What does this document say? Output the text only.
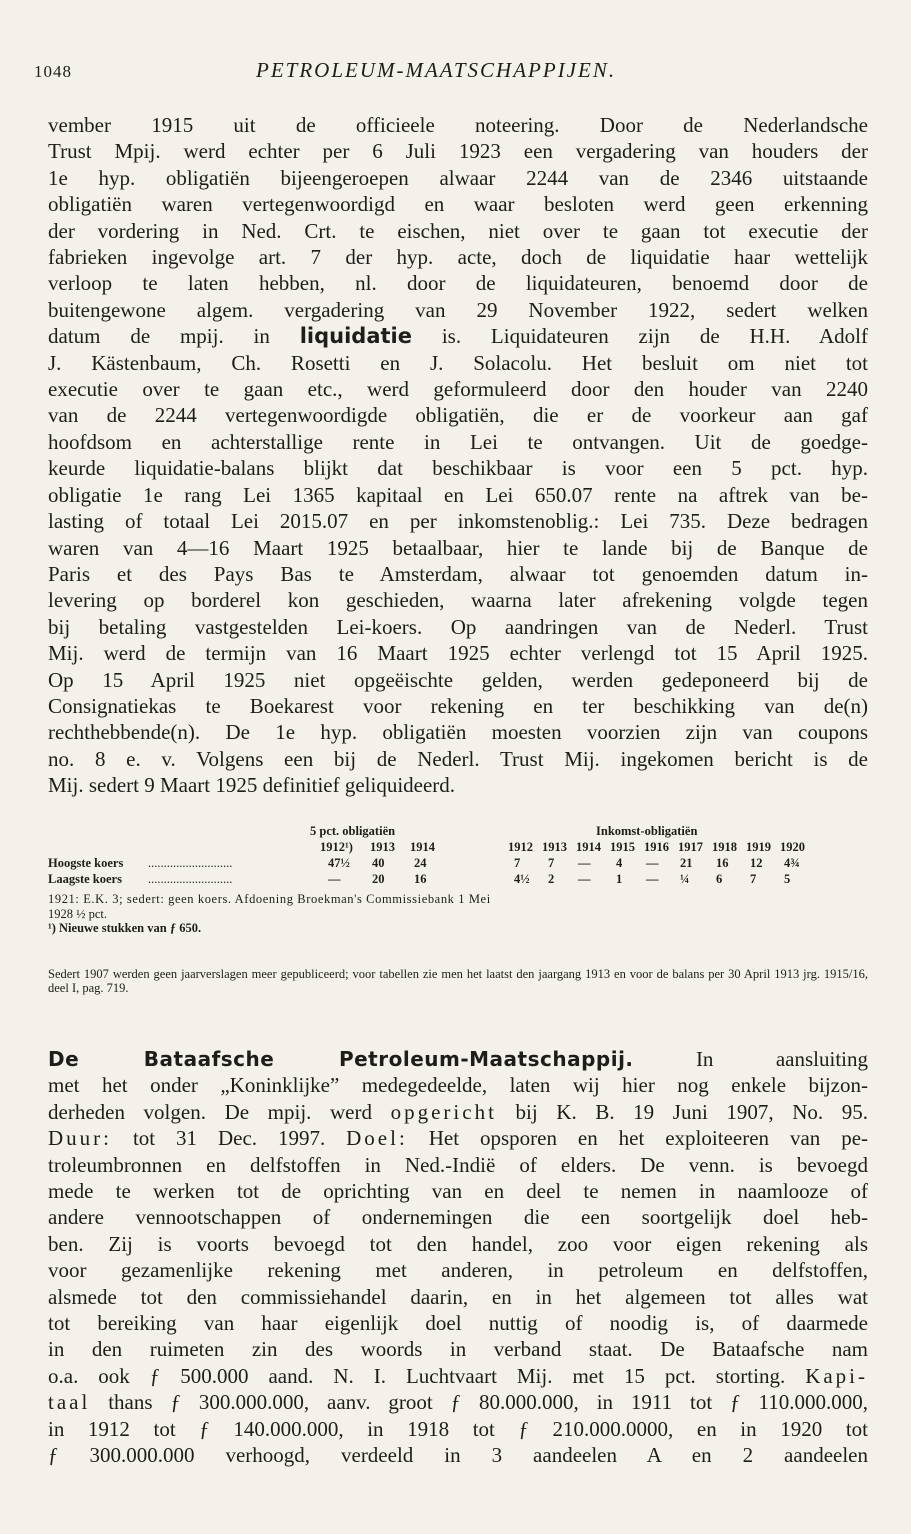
1048	PETROLEUM-MAATSCHAPPIJEN.
vember 1915 uit de officieele noteering. Door de Nederlandsche
Trust Mpij. werd echter per 6 Juli 1923 een vergadering van houders der
1e hyp. obligatiën bijeengeroepen alwaar 2244 van de 2346 uitstaande
obligatiën waren vertegenwoordigd en waar besloten werd geen erkenning
der vordering in Ned. Crt. te eischen, niet over te gaan tot executie der
fabrieken ingevolge art. 7 der hyp. acte, doch de liquidatie haar wettelijk
verloop te laten hebben, nl. door de liquidateuren, benoemd door de
buitengewone algem. vergadering van 29 November 1922, sedert welken
datum de mpij. in liquidatie is. Liquidateuren zijn de H.H. Adolf
J. Kästenbaum, Ch. Rosetti en J. Solacolu. Het besluit om niet tot
executie over te gaan etc., werd geformuleerd door den houder van 2240
van de 2244 vertegenwoordigde obligatiën, die er de voorkeur aan gaf
hoofdsom en achterstallige rente in Lei te ontvangen. Uit de goedge-
keurde liquidatie-balans blijkt dat beschikbaar is voor een 5 pct. hyp.
obligatie 1e rang Lei 1365 kapitaal en Lei 650.07 rente na aftrek van be-
lasting of totaal Lei 2015.07 en per inkomstenoblig.: Lei 735. Deze bedragen
waren van 4—16 Maart 1925 betaalbaar, hier te lande bij de Banque de
Paris et des Pays Bas te Amsterdam, alwaar tot genoemden datum in-
levering op borderel kon geschieden, waarna later afrekening volgde tegen
bij betaling vastgestelden Lei-koers. Op aandringen van de Nederl. Trust
Mij. werd de termijn van 16 Maart 1925 echter verlengd tot 15 April 1925.
Op 15 April 1925 niet opgeëischte gelden, werden gedeponeerd bij de
Consignatiekas te Boekarest voor rekening en ter beschikking van de(n)
rechthebbende(n). De 1e hyp. obligatiën moesten voorzien zijn van coupons
no. 8 e. v. Volgens een bij de Nederl. Trust Mij. ingekomen bericht is de
Mij. sedert 9 Maart 1925 definitief geliquideerd.
5 pct. obligatiën	Inkomst-obligatiën
1912¹) 1913 1914	1912 1913 1914 1915 1916 1917 1918 1919 1920
Hoogste koers ...........................	47½ 40 24	7 7 — 4 — 21 16 12 4¾
Laagste koers ...........................	—	20 16	4½ 2 — 1 — ¼ 6 7 5
1921: E.K. 3; sedert: geen koers. Afdoening Broekman's Commissiebank 1 Mei
1928 ½ pct.
¹) Nieuwe stukken van ƒ 650.
Sedert 1907 werden geen jaarverslagen meer gepubliceerd; voor tabellen zie men het laatst den jaargang 1913 en voor de balans per 30 April 1913 jrg. 1915/16, deel I, pag. 719.
De Bataafsche Petroleum-Maatschappij.	In aansluiting
met het onder „Koninklijke” medegedeelde, laten wij hier nog enkele bijzon-
derheden volgen. De mpij. werd opgericht bij K. B. 19 Juni 1907, No. 95.
Duur: tot 31 Dec. 1997. Doel: Het opsporen en het exploiteeren van pe-
troleumbronnen en delfstoffen in Ned.-Indië of elders. De venn. is bevoegd
mede te werken tot de oprichting van en deel te nemen in naamlooze of
andere vennootschappen of ondernemingen die een soortgelijk doel heb-
ben. Zij is voorts bevoegd tot den handel, zoo voor eigen rekening als
voor gezamenlijke rekening met anderen, in petroleum en delfstoffen,
alsmede tot den commissiehandel daarin, en in het algemeen tot alles wat
tot bereiking van haar eigenlijk doel nuttig of noodig is, of daarmede
in den ruimeten zin des woords in verband staat. De Bataafsche nam
o.a. ook ƒ 500.000 aand. N. I. Luchtvaart Mij. met 15 pct. storting. Kapi-
taal thans ƒ 300.000.000, aanv. groot ƒ 80.000.000, in 1911 tot ƒ 110.000.000,
in 1912 tot ƒ 140.000.000, in 1918 tot ƒ 210.000.0000, en in 1920 tot
ƒ 300.000.000 verhoogd, verdeeld in 3 aandeelen A en 2 aandeelen
